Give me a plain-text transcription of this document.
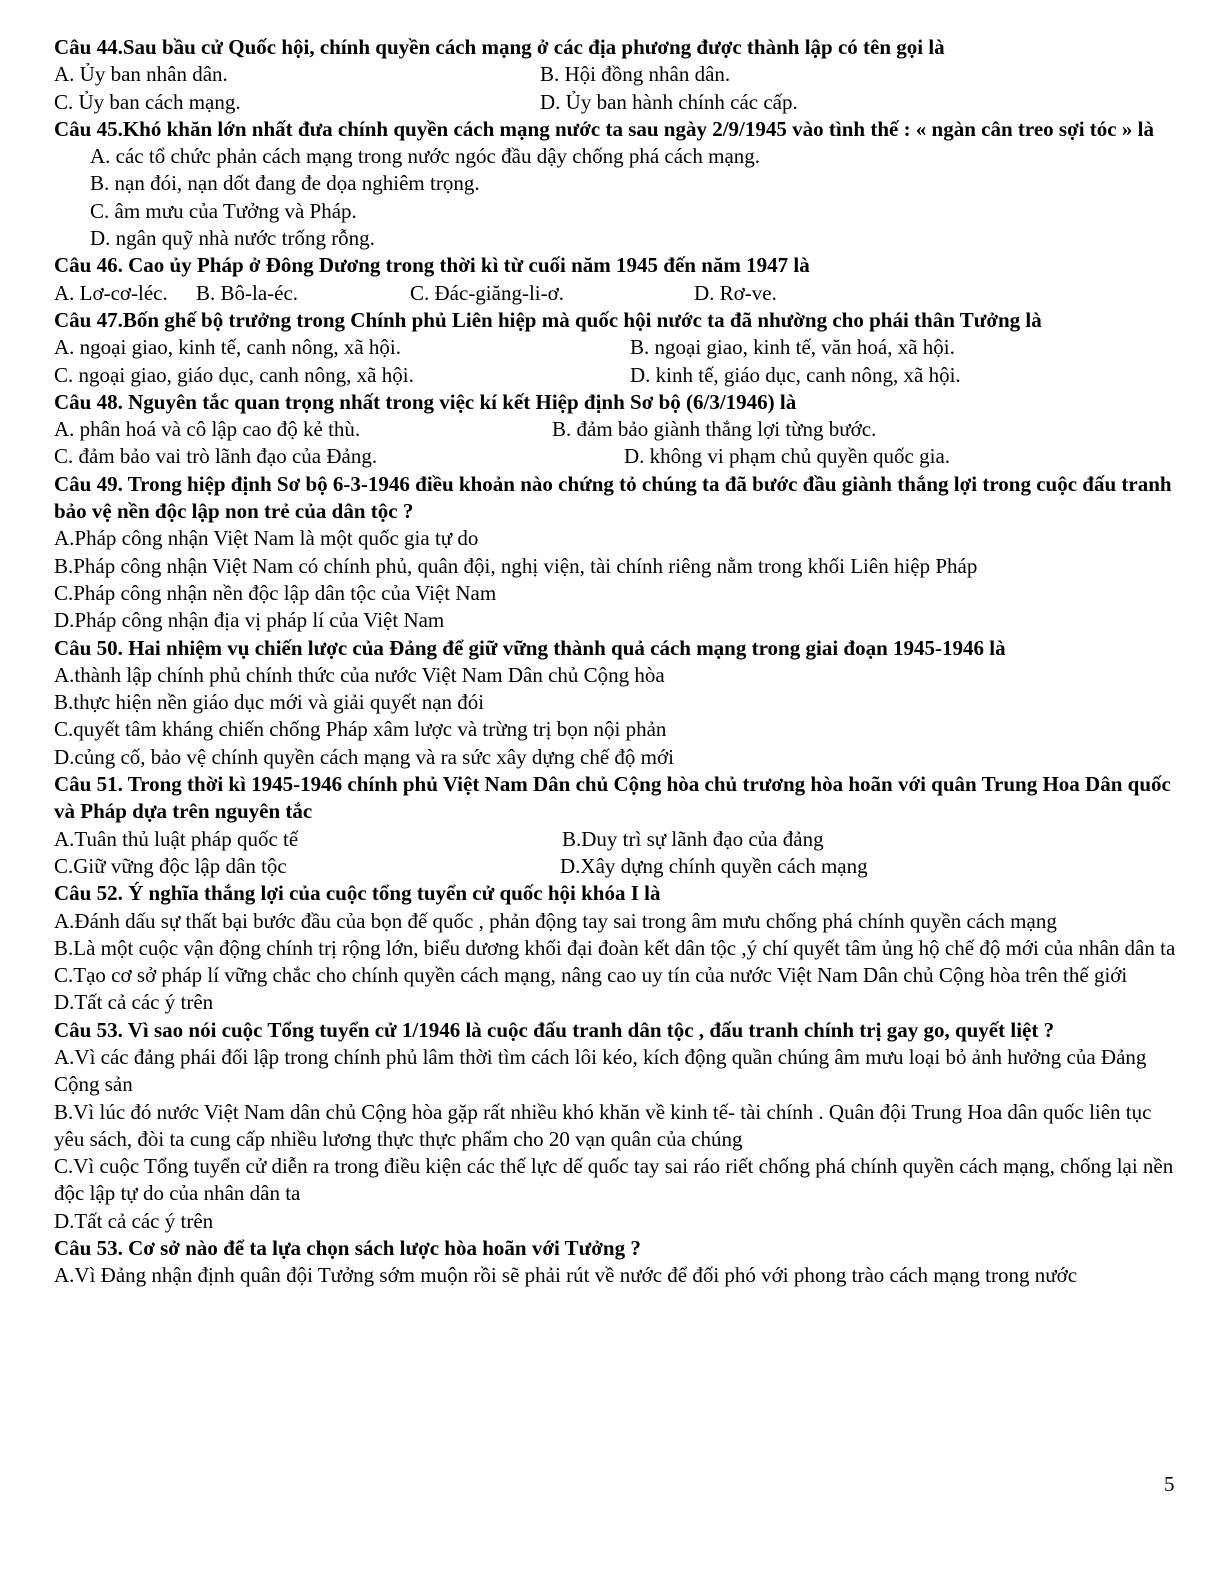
Câu 44.Sau bầu cử Quốc hội, chính quyền cách mạng ở các địa phương được thành lập có tên gọi là
A. Ủy ban nhân dân.	B. Hội đồng nhân dân.
C. Ủy ban cách mạng.	D. Ủy ban hành chính các cấp.
Câu 45.Khó khăn lớn nhất đưa chính quyền cách mạng nước ta sau ngày 2/9/1945 vào tình thế : « ngàn cân treo sợi tóc » là
A. các tổ chức phản cách mạng trong nước ngóc đầu dậy chống phá cách mạng.
B. nạn đói, nạn dốt đang đe dọa nghiêm trọng.
C. âm mưu của Tưởng và Pháp.
D. ngân quỹ nhà nước trống rỗng.
Câu 46. Cao ủy Pháp ở Đông Dương trong thời kì từ cuối năm 1945 đến năm 1947 là
A. Lơ-cơ-léc. B. Bô-la-éc.	C. Đác-giăng-li-ơ.	D. Rơ-ve.
Câu 47.Bốn ghế bộ trưởng trong Chính phủ Liên hiệp mà quốc hội nước ta đã nhường cho phái thân Tưởng là
A. ngoại giao, kinh tế, canh nông, xã hội.	B. ngoại giao, kinh tế, văn hoá, xã hội.
C. ngoại giao, giáo dục, canh nông, xã hội.	D. kinh tế, giáo dục, canh nông, xã hội.
Câu 48. Nguyên tắc quan trọng nhất trong việc kí kết Hiệp định Sơ bộ (6/3/1946) là
A. phân hoá và cô lập cao độ kẻ thù.	B. đảm bảo giành thắng lợi từng bước.
C. đảm bảo vai trò lãnh đạo của Đảng.	D. không vi phạm chủ quyền quốc gia.
Câu 49. Trong hiệp định Sơ bộ 6-3-1946 điều khoản nào chứng tỏ chúng ta đã bước đầu giành thắng lợi trong cuộc đấu tranh bảo vệ nền độc lập non trẻ của dân tộc ?
A.Pháp công nhận Việt Nam là một quốc gia tự do
B.Pháp công nhận Việt Nam có chính phủ, quân đội, nghị viện, tài chính riêng nằm trong khối Liên hiệp Pháp
C.Pháp công nhận nền độc lập dân tộc của Việt Nam
D.Pháp công nhận địa vị pháp lí của Việt Nam
Câu 50. Hai nhiệm vụ chiến lược của Đảng để giữ vững thành quả cách mạng trong giai đoạn 1945-1946 là
A.thành lập chính phủ chính thức của nước Việt Nam Dân chủ Cộng hòa
B.thực hiện nền giáo dục mới và giải quyết nạn đói
C.quyết tâm kháng chiến chống Pháp xâm lược và trừng trị bọn nội phản
D.củng cố, bảo vệ chính quyền cách mạng và ra sức xây dựng chế độ mới
Câu 51. Trong thời kì 1945-1946 chính phủ Việt Nam Dân chủ Cộng hòa chủ trương hòa hoãn với quân Trung Hoa Dân quốc và Pháp dựa trên nguyên tắc
A.Tuân thủ luật pháp quốc tế	B.Duy trì sự lãnh đạo của đảng
C.Giữ vững độc lập dân tộc	D.Xây dựng chính quyền cách mạng
Câu 52. Ý nghĩa thắng lợi của cuộc tổng tuyển cử quốc hội khóa I là
A.Đánh dấu sự thất bại bước đầu của bọn đế quốc , phản động tay sai trong âm mưu chống phá chính quyền cách mạng
B.Là một cuộc vận động chính trị rộng lớn, biểu dương khối đại đoàn kết dân tộc ,ý chí quyết tâm ủng hộ chế độ mới của nhân dân ta
C.Tạo cơ sở pháp lí vững chắc cho chính quyền cách mạng, nâng cao uy tín của nước Việt Nam Dân chủ Cộng hòa trên thế giới
D.Tất cả các ý trên
Câu 53. Vì sao nói cuộc Tổng tuyển cử 1/1946 là cuộc đấu tranh dân tộc , đấu tranh chính trị gay go, quyết liệt ?
A.Vì các đảng phái đối lập trong chính phủ lâm thời tìm cách lôi kéo, kích động quần chúng âm mưu loại bỏ ảnh hưởng của Đảng Cộng sản
B.Vì lúc đó nước Việt Nam dân chủ Cộng hòa gặp rất nhiều khó khăn về kinh tế- tài chính . Quân đội Trung Hoa dân quốc liên tục yêu sách, đòi ta cung cấp nhiều lương thực thực phẩm cho 20 vạn quân của chúng
C.Vì cuộc Tổng tuyển cử diễn ra trong điều kiện các thế lực dế quốc tay sai ráo riết chống phá chính quyền cách mạng, chống lại nền độc lập tự do của nhân dân ta
D.Tất cả các ý trên
Câu 53. Cơ sở nào để ta lựa chọn sách lược hòa hoãn với Tưởng ?
A.Vì Đảng nhận định quân đội Tưởng sớm muộn rồi sẽ phải rút về nước để đối phó với phong trào cách mạng trong nước
5
